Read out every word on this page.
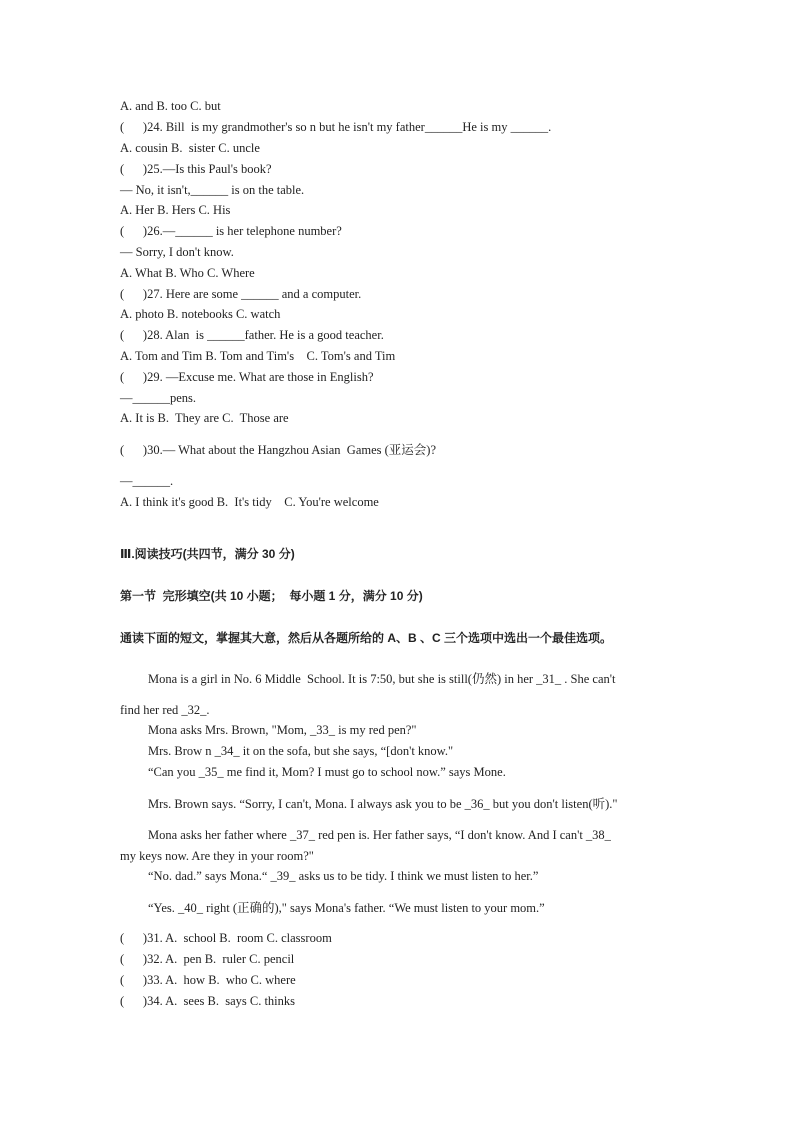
A. and B. too C. but
(      )24. Bill  is my grandmother's so n but he isn't my father______He is my ______.
A. cousin B.  sister C. uncle
(      )25.—Is this Paul's book?
— No, it isn't,______ is on the table.
A. Her B. Hers C. His
(      )26.—______ is her telephone number?
— Sorry, I don't know.
A. What B. Who C. Where
(      )27. Here are some ______ and a computer.
A. photo B. notebooks C. watch
(      )28. Alan  is ______father. He is a good teacher.
A. Tom and Tim B. Tom and Tim's    C. Tom's and Tim
(      )29. —Excuse me. What are those in English?
—______pens.
A. It is B.  They are C.  Those are
(      )30.— What about the Hangzhou Asian  Games (亚运会)?
—______.
A. I think it's good B.  It's tidy    C. You're welcome
Ⅲ.阅读技巧(共四节，满分 30 分)
第一节  完形填空(共 10 小题；  每小题 1 分，满分 10 分)
通读下面的短文，掌握其大意，然后从各题所给的 A、B 、C 三个选项中选出一个最佳选项。
Mona is a girl in No. 6 Middle  School. It is 7:50, but she is still(仍然) in her _31_ . She can't
find her red _32_.
Mona asks Mrs. Brown, "Mom, _33_ is my red pen?"
Mrs. Brow n _34_ it on the sofa, but she says, “[don't know."
“Can you _35_ me find it, Mom? I must go to school now.” says Mone.
Mrs. Brown says. “Sorry, I can't, Mona. I always ask you to be _36_ but you don't listen(听)."
Mona asks her father where _37_ red pen is. Her father says, “I don't know. And I can't _38_
my keys now. Are they in your room?"
“No. dad.” says Mona.“ _39_ asks us to be tidy. I think we must listen to her.”
“Yes. _40_ right (正确的)," says Mona's father. “We must listen to your mom.”
(      )31. A.  school B.  room C. classroom
(      )32. A.  pen B.  ruler C. pencil
(      )33. A.  how B.  who C. where
(      )34. A.  sees B.  says C. thinks
